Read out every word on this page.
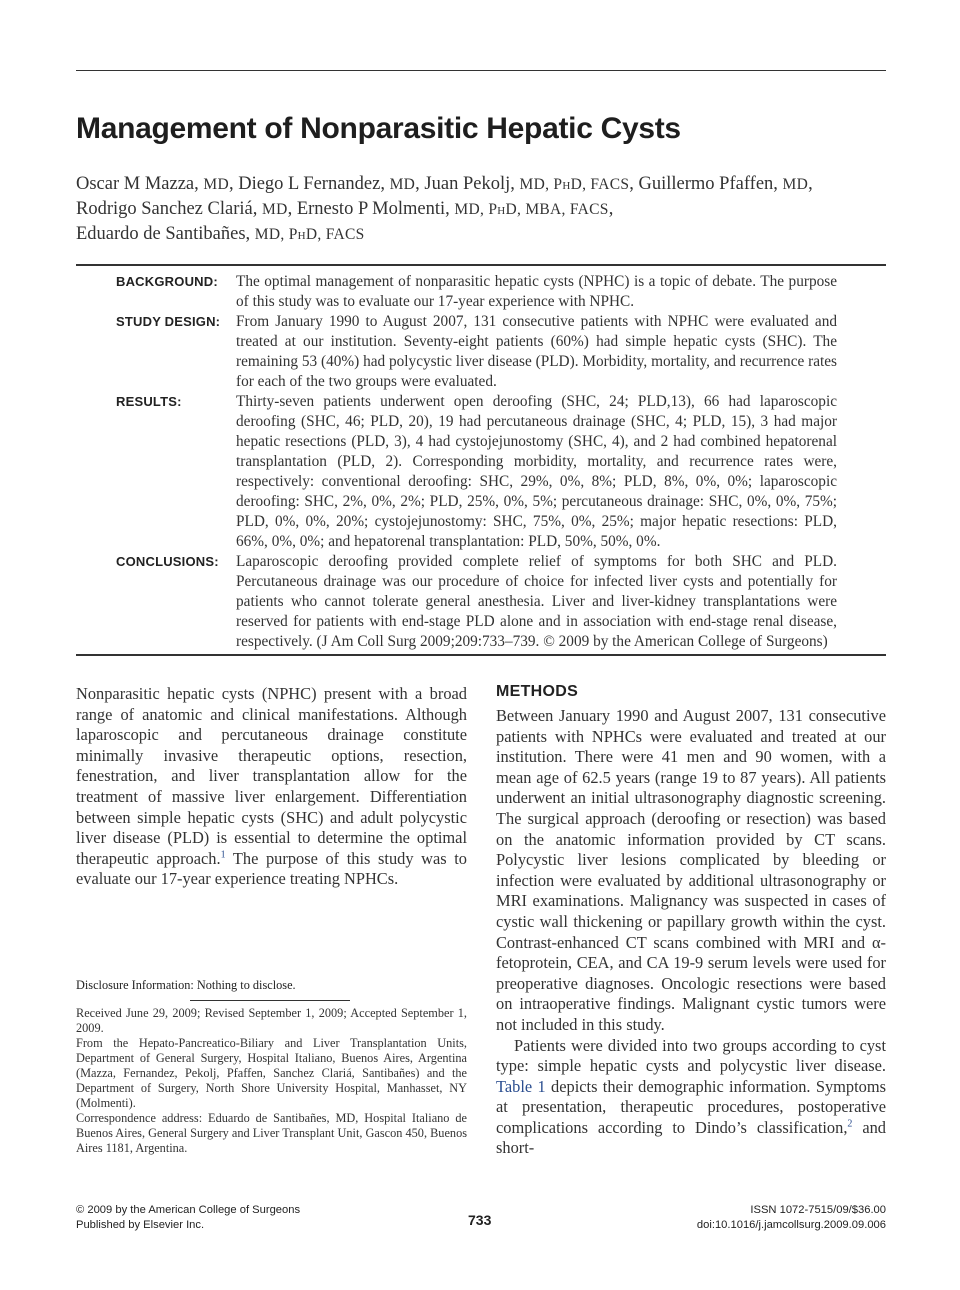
Management of Nonparasitic Hepatic Cysts
Oscar M Mazza, MD, Diego L Fernandez, MD, Juan Pekolj, MD, PhD, FACS, Guillermo Pfaffen, MD,
Rodrigo Sanchez Clariá, MD, Ernesto P Molmenti, MD, PhD, MBA, FACS,
Eduardo de Santibañes, MD, PhD, FACS
BACKGROUND:	The optimal management of nonparasitic hepatic cysts (NPHC) is a topic of debate. The purpose of this study was to evaluate our 17-year experience with NPHC.
STUDY DESIGN:	From January 1990 to August 2007, 131 consecutive patients with NPHC were evaluated and treated at our institution. Seventy-eight patients (60%) had simple hepatic cysts (SHC). The remaining 53 (40%) had polycystic liver disease (PLD). Morbidity, mortality, and recurrence rates for each of the two groups were evaluated.
RESULTS:	Thirty-seven patients underwent open deroofing (SHC, 24; PLD,13), 66 had laparoscopic deroofing (SHC, 46; PLD, 20), 19 had percutaneous drainage (SHC, 4; PLD, 15), 3 had major hepatic resections (PLD, 3), 4 had cystojejunostomy (SHC, 4), and 2 had combined hepatorenal transplantation (PLD, 2). Corresponding morbidity, mortality, and recurrence rates were, respectively: conventional deroofing: SHC, 29%, 0%, 8%; PLD, 8%, 0%, 0%; laparoscopic deroofing: SHC, 2%, 0%, 2%; PLD, 25%, 0%, 5%; percutaneous drainage: SHC, 0%, 0%, 75%; PLD, 0%, 0%, 20%; cystojejunostomy: SHC, 75%, 0%, 25%; major hepatic resections: PLD, 66%, 0%, 0%; and hepatorenal transplantation: PLD, 50%, 50%, 0%.
CONCLUSIONS:	Laparoscopic deroofing provided complete relief of symptoms for both SHC and PLD. Percutaneous drainage was our procedure of choice for infected liver cysts and potentially for patients who cannot tolerate general anesthesia. Liver and liver-kidney transplantations were reserved for patients with end-stage PLD alone and in association with end-stage renal disease, respectively. (J Am Coll Surg 2009;209:733–739. © 2009 by the American College of Surgeons)
Nonparasitic hepatic cysts (NPHC) present with a broad range of anatomic and clinical manifestations. Although laparoscopic and percutaneous drainage constitute minimally invasive therapeutic options, resection, fenestration, and liver transplantation allow for the treatment of massive liver enlargement. Differentiation between simple hepatic cysts (SHC) and adult polycystic liver disease (PLD) is essential to determine the optimal therapeutic approach.$^1$ The purpose of this study was to evaluate our 17-year experience treating NPHCs.
Disclosure Information: Nothing to disclose.

Received June 29, 2009; Revised September 1, 2009; Accepted September 1, 2009.

From the Hepato-Pancreatico-Biliary and Liver Transplantation Units, Department of General Surgery, Hospital Italiano, Buenos Aires, Argentina (Mazza, Fernandez, Pekolj, Pfaffen, Sanchez Clariá, Santibañes) and the Department of Surgery, North Shore University Hospital, Manhasset, NY (Molmenti).

Correspondence address: Eduardo de Santibañes, MD, Hospital Italiano de Buenos Aires, General Surgery and Liver Transplant Unit, Gascon 450, Buenos Aires 1181, Argentina.

METHODS

Between January 1990 and August 2007, 131 consecutive patients with NPHCs were evaluated and treated at our institution. There were 41 men and 90 women, with a mean age of 62.5 years (range 19 to 87 years). All patients underwent an initial ultrasonography diagnostic screening. The surgical approach (deroofing or resection) was based on the anatomic information provided by CT scans. Polycystic liver lesions complicated by bleeding or infection were evaluated by additional ultrasonography or MRI examinations. Malignancy was suspected in cases of cystic wall thickening or papillary growth within the cyst. Contrast-enhanced CT scans combined with MRI and α-fetoprotein, CEA, and CA 19-9 serum levels were used for preoperative diagnoses. Oncologic resections were based on intraoperative findings. Malignant cystic tumors were not included in this study.

Patients were divided into two groups according to cyst type: simple hepatic cysts and polycystic liver disease. Table 1 depicts their demographic information. Symptoms at presentation, therapeutic procedures, postoperative complications according to Dindo’s classification,$^2$ and short-

© 2009 by the American College of Surgeons
Published by Elsevier Inc.	733
ISSN 1072-7515/09/$36.00
doi:10.1016/j.jamcollsurg.2009.09.006
